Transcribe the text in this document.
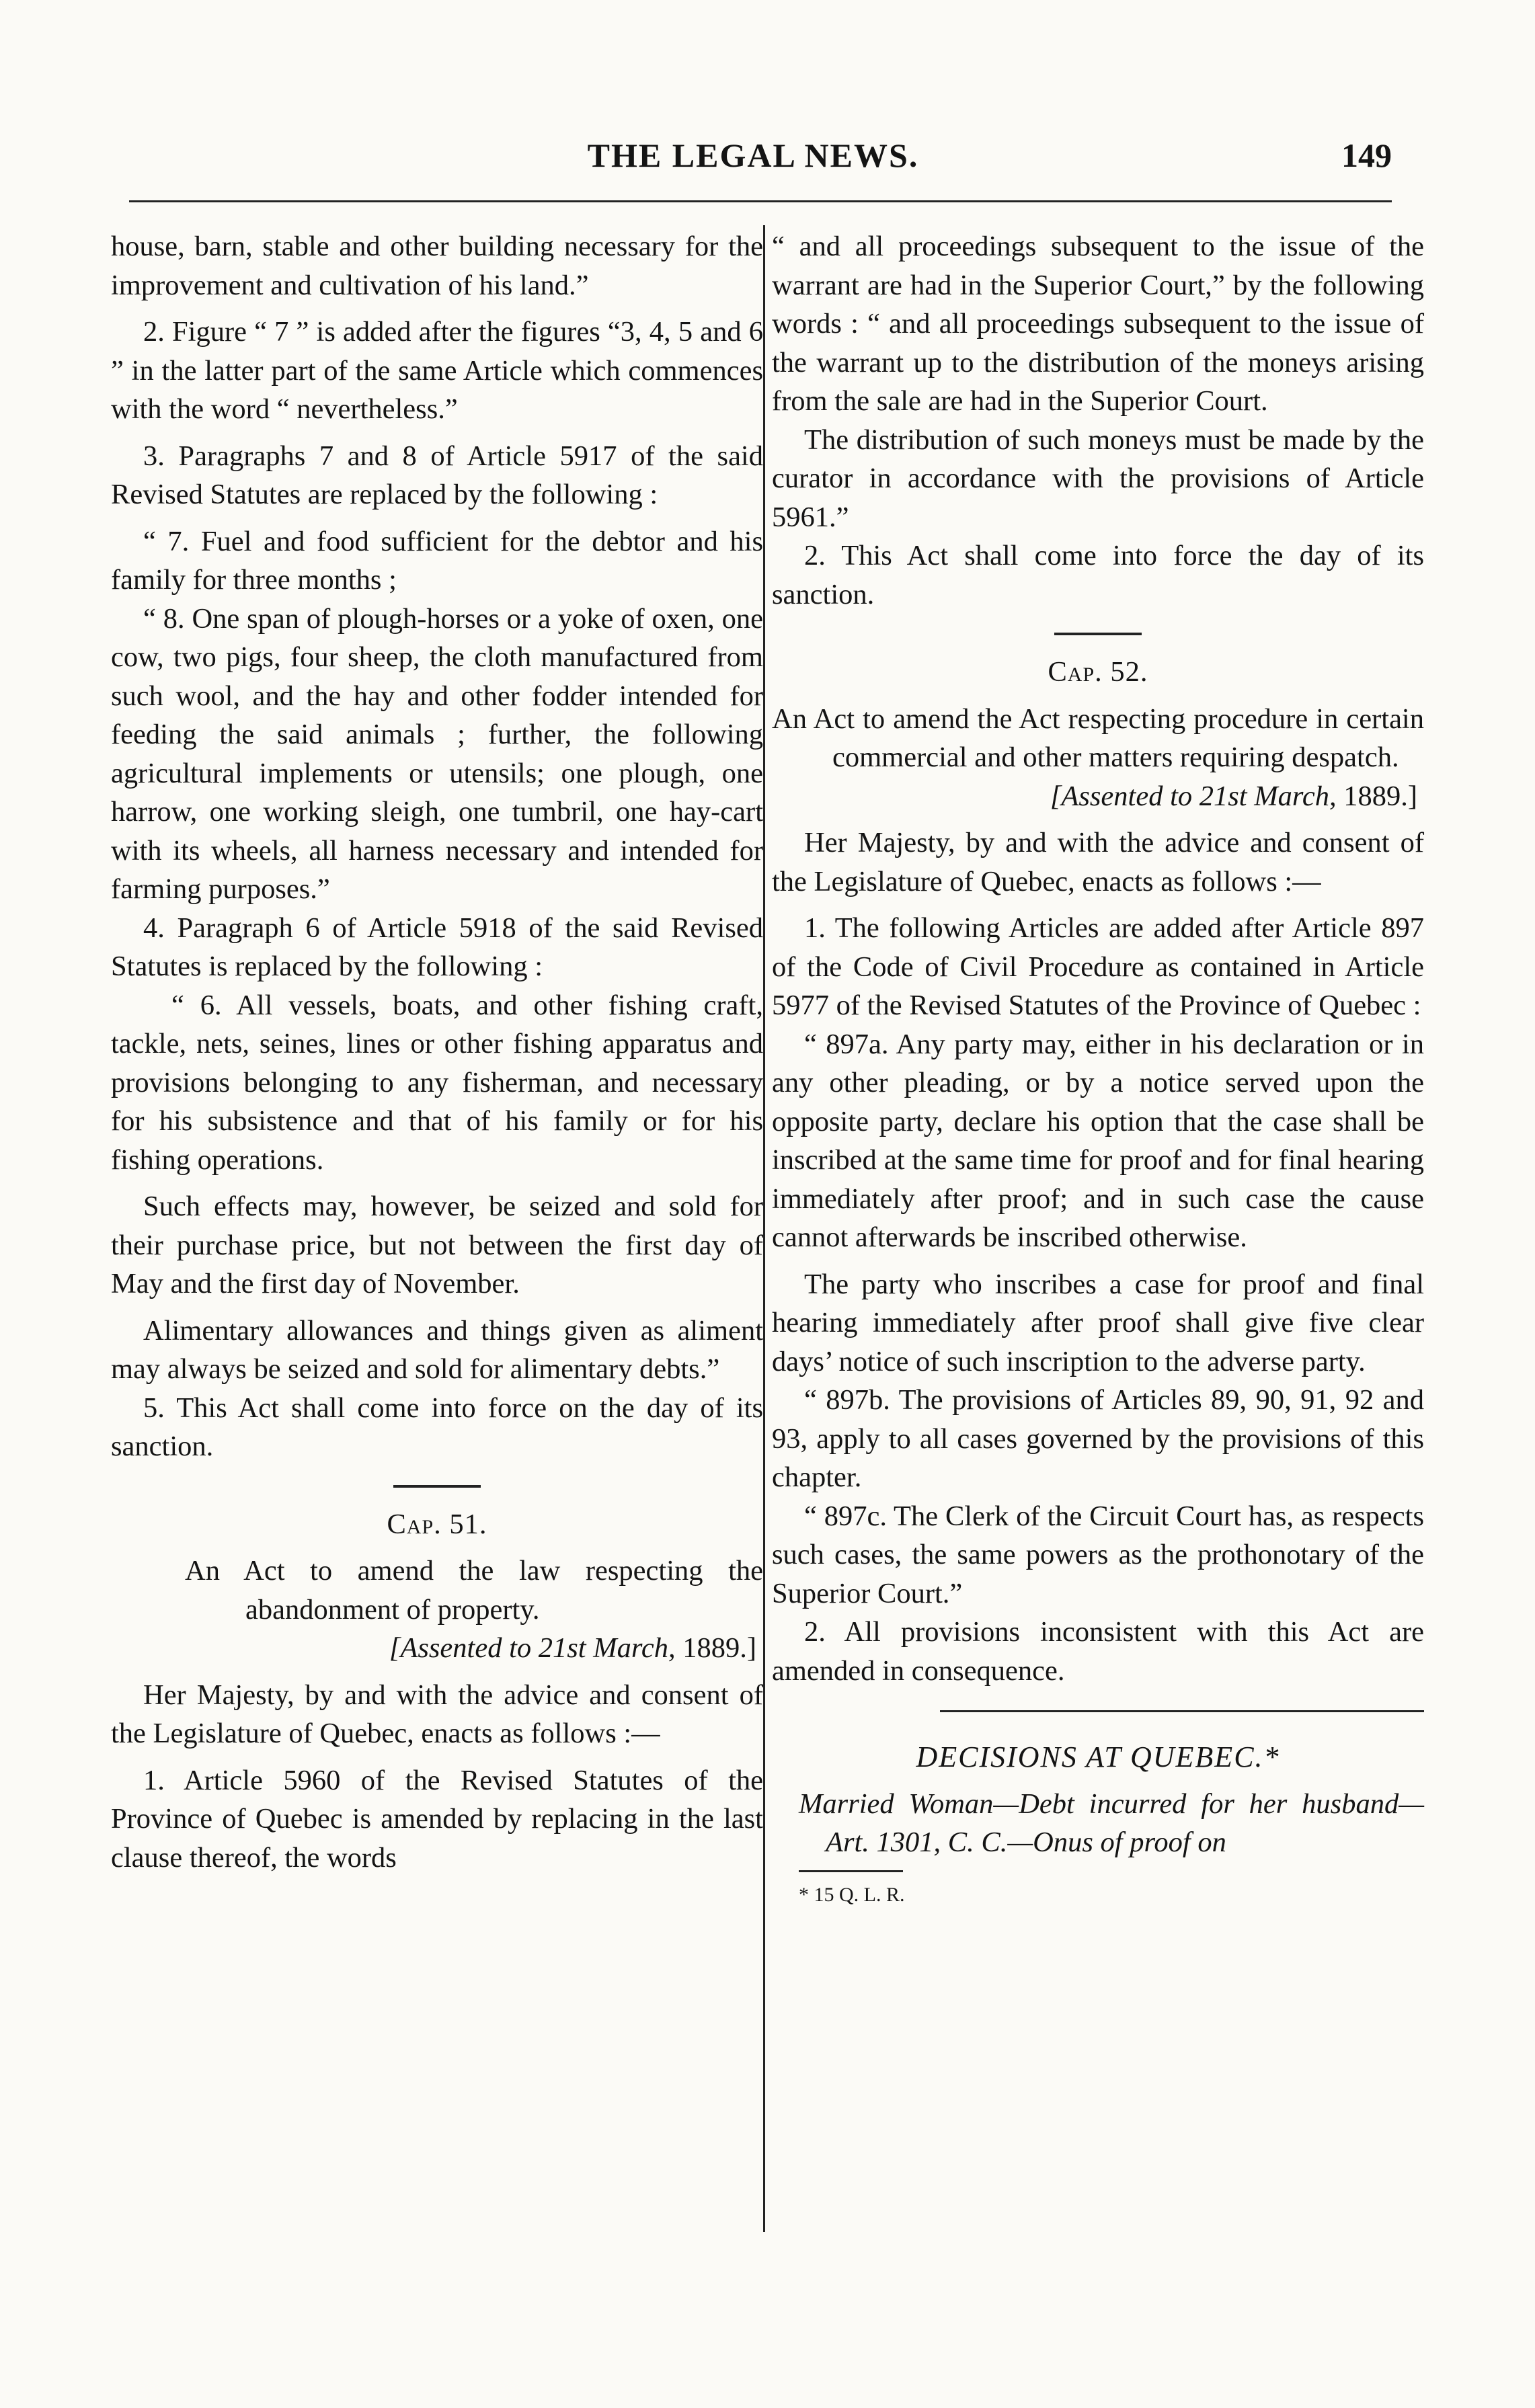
THE LEGAL NEWS.	149

house, barn, stable and other building necessary for the improvement and cultivation of his land.”

2. Figure “ 7 ” is added after the figures “3, 4, 5 and 6 ” in the latter part of the same Article which commences with the word “ nevertheless.”

3. Paragraphs 7 and 8 of Article 5917 of the said Revised Statutes are replaced by the following :

“ 7. Fuel and food sufficient for the debtor and his family for three months ;

“ 8. One span of plough-horses or a yoke of oxen, one cow, two pigs, four sheep, the cloth manufactured from such wool, and the hay and other fodder intended for feeding the said animals ; further, the following agricultural implements or utensils; one plough, one harrow, one working sleigh, one tumbril, one hay-cart with its wheels, all harness necessary and intended for farming purposes.”

4. Paragraph 6 of Article 5918 of the said Revised Statutes is replaced by the following :

“ 6. All vessels, boats, and other fishing craft, tackle, nets, seines, lines or other fishing apparatus and provisions belonging to any fisherman, and necessary for his subsistence and that of his family or for his fishing operations.

Such effects may, however, be seized and sold for their purchase price, but not between the first day of May and the first day of November.

Alimentary allowances and things given as aliment may always be seized and sold for alimentary debts.”

5. This Act shall come into force on the day of its sanction.

Cap. 51.

An Act to amend the law respecting the abandonment of property.

[Assented to 21st March, 1889.]

Her Majesty, by and with the advice and consent of the Legislature of Quebec, enacts as follows :—

1. Article 5960 of the Revised Statutes of the Province of Quebec is amended by replacing in the last clause thereof, the words

“ and all proceedings subsequent to the issue of the warrant are had in the Superior Court,” by the following words : “ and all proceedings subsequent to the issue of the warrant up to the distribution of the moneys arising from the sale are had in the Superior Court.

The distribution of such moneys must be made by the curator in accordance with the provisions of Article 5961.”

2. This Act shall come into force the day of its sanction.

Cap. 52.

An Act to amend the Act respecting procedure in certain commercial and other matters requiring despatch.

[Assented to 21st March, 1889.]

Her Majesty, by and with the advice and consent of the Legislature of Quebec, enacts as follows :—

1. The following Articles are added after Article 897 of the Code of Civil Procedure as contained in Article 5977 of the Revised Statutes of the Province of Quebec :

“ 897a. Any party may, either in his declaration or in any other pleading, or by a notice served upon the opposite party, declare his option that the case shall be inscribed at the same time for proof and for final hearing immediately after proof; and in such case the cause cannot afterwards be inscribed otherwise.

The party who inscribes a case for proof and final hearing immediately after proof shall give five clear days’ notice of such inscription to the adverse party.

“ 897b. The provisions of Articles 89, 90, 91, 92 and 93, apply to all cases governed by the provisions of this chapter.

“ 897c. The Clerk of the Circuit Court has, as respects such cases, the same powers as the prothonotary of the Superior Court.”

2. All provisions inconsistent with this Act are amended in consequence.

DECISIONS AT QUEBEC.*

Married Woman—Debt incurred for her husband—Art. 1301, C. C.—Onus of proof on

* 15 Q. L. R.
